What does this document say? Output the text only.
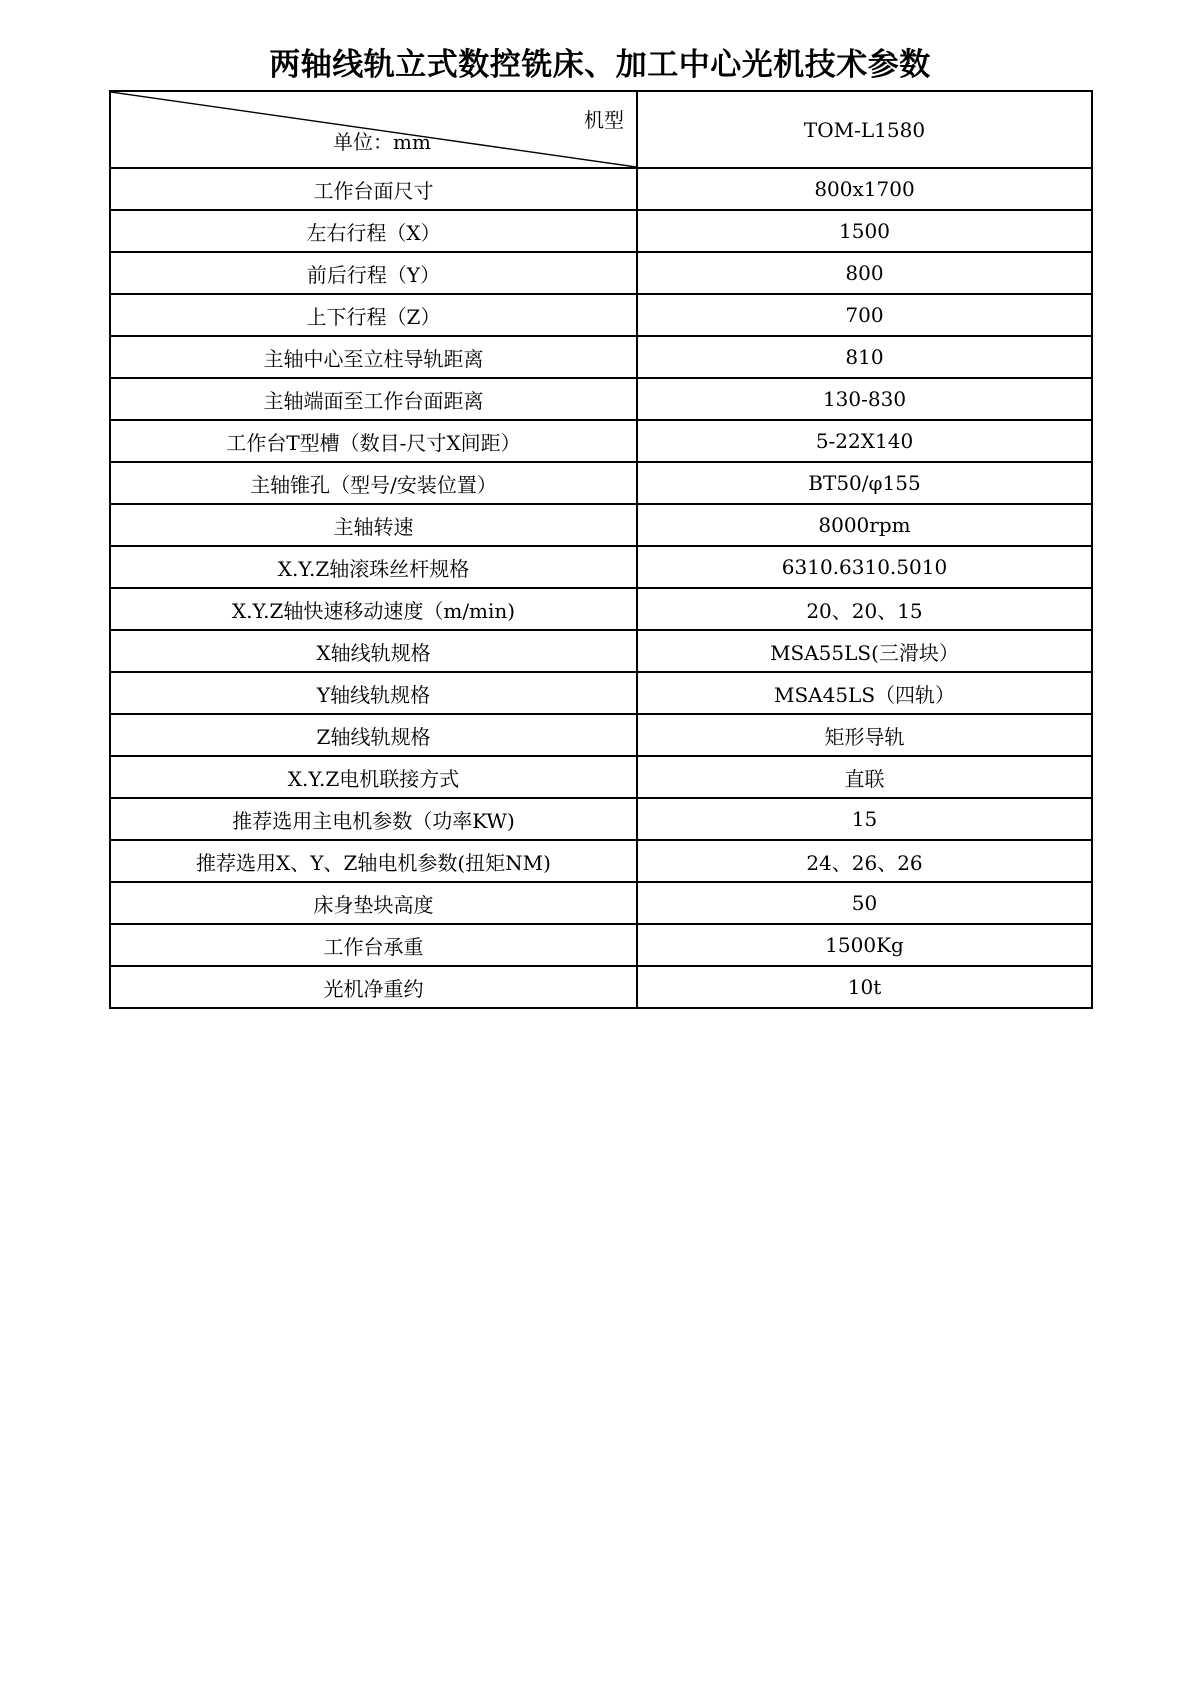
两轴线轨立式数控铣床、加工中心光机技术参数
机型
单位：mm	TOM-L1580
工作台面尺寸	800x1700
左右行程（X）	1500
前后行程（Y）	800
上下行程（Z）	700
主轴中心至立柱导轨距离	810
主轴端面至工作台面距离	130-830
工作台T型槽（数目-尺寸X间距）	5-22X140
主轴锥孔（型号/安装位置）	BT50/φ155
主轴转速	8000rpm
X.Y.Z轴滚珠丝杆规格	6310.6310.5010
X.Y.Z轴快速移动速度（m/min)	20、20、15
X轴线轨规格	MSA55LS(三滑块）
Y轴线轨规格	MSA45LS（四轨）
Z轴线轨规格	矩形导轨
X.Y.Z电机联接方式	直联
推荐选用主电机参数（功率KW)	15
推荐选用X、Y、Z轴电机参数(扭矩NM)	24、26、26
床身垫块高度	50
工作台承重	1500Kg
光机净重约	10t
